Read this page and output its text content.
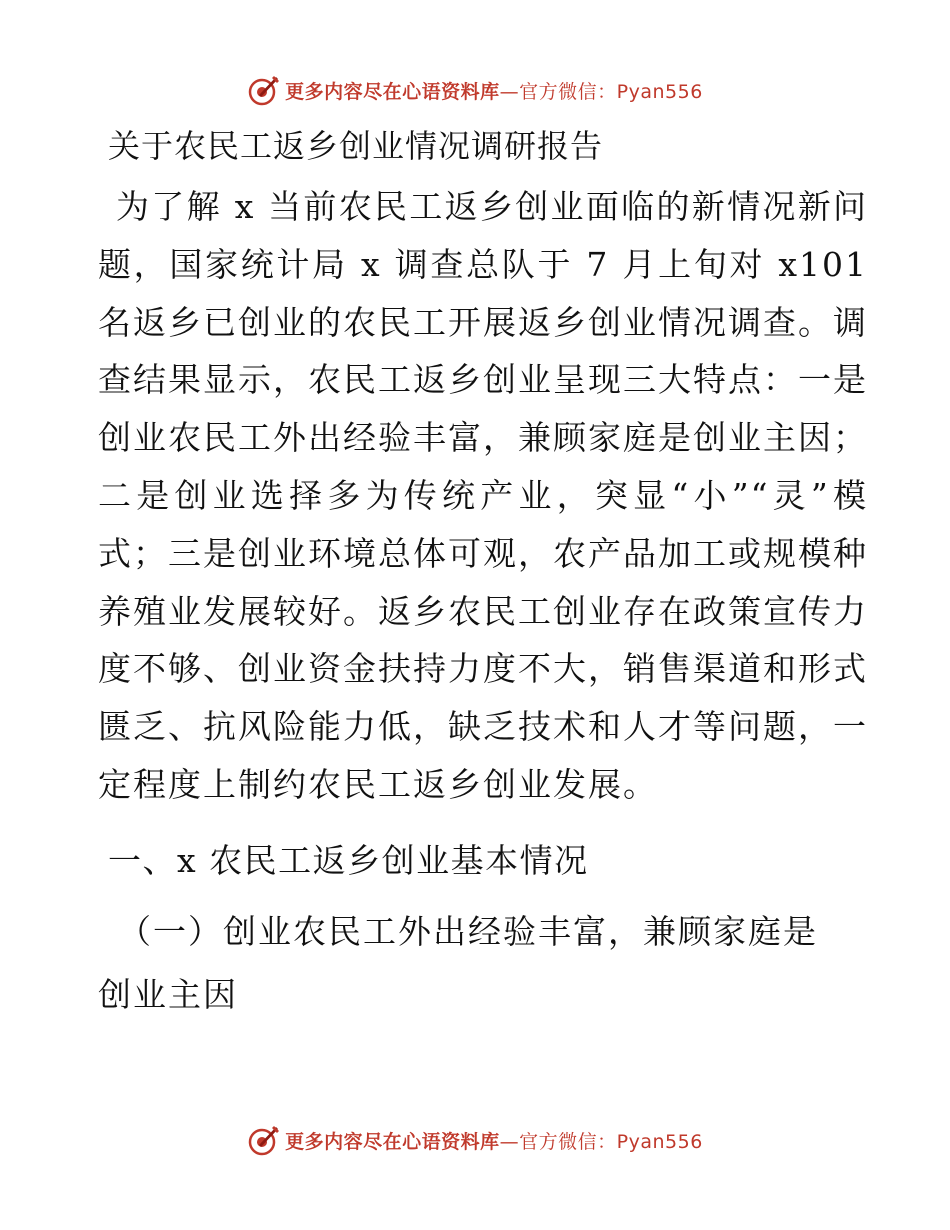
更多内容尽在心语资料库—官方微信：Pyan556
关于农民工返乡创业情况调研报告

为了解 x 当前农民工返乡创业面临的新情况新问题，国家统计局 x 调查总队于 7 月上旬对 x101 名返乡已创业的农民工开展返乡创业情况调查。调查结果显示，农民工返乡创业呈现三大特点：一是创业农民工外出经验丰富，兼顾家庭是创业主因；二是创业选择多为传统产业，突显“小”“灵”模式；三是创业环境总体可观，农产品加工或规模种养殖业发展较好。返乡农民工创业存在政策宣传力度不够、创业资金扶持力度不大，销售渠道和形式匮乏、抗风险能力低，缺乏技术和人才等问题，一定程度上制约农民工返乡创业发展。

一、x 农民工返乡创业基本情况
（一）创业农民工外出经验丰富，兼顾家庭是创业主因
更多内容尽在心语资料库—官方微信：Pyan556
